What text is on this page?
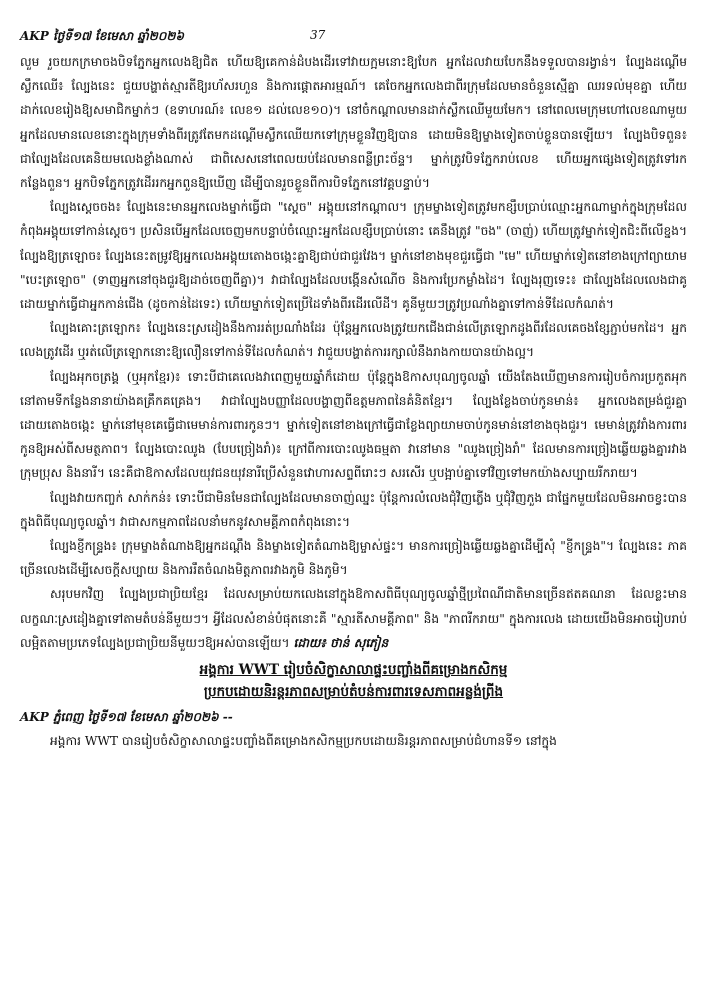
AKP ថ្ងៃទី១៧ ខែមេសា ឆ្នាំ២០២៦	37

លួម រួចយកក្រមាចងបិទភ្នែកអ្នកលេងឱ្យជិត ហើយឱ្យគេកាន់ដំបងដើរទៅវាយក្អមនោះឱ្យបែក អ្នកដែលវាយបែកនឹងទទួលបានរង្វាន់។ ល្បែងដណ្ដើមស្លឹកឈើ៖ ល្បែងនេះ ជួយបង្ហាត់ស្មារតីឱ្យរហ័សរហួន និងការផ្ដោតអារម្មណ៍។ គេចែកអ្នកលេងជាពីរក្រុមដែលមានចំនួនស្មើគ្នា ឈរទល់មុខគ្នា ហើយដាក់លេខរៀងឱ្យសមាជិកម្នាក់ៗ (ឧទាហរណ៍៖ លេខ១ ដល់លេខ១០)។ នៅចំកណ្ដាលមានដាក់ស្លឹកឈើមួយមែក។ នៅពេលមេក្រុមហៅលេខណាមួយ អ្នកដែលមានលេខនោះក្នុងក្រុមទាំងពីរត្រូវតែមកដណ្ដើមស្លឹកឈើយកទៅក្រុមខ្លួនវិញឱ្យបាន ដោយមិនឱ្យម្ខាងទៀតចាប់ខ្លួនបានឡើយ។ ល្បែងបិទពួន៖ ជាល្បែងដែលគេនិយមលេងខ្លាំងណាស់ ជាពិសេសនៅពេលយប់ដែលមានពន្លឺព្រះច័ន្ទ។ ម្នាក់ត្រូវបិទភ្នែករាប់លេខ ហើយអ្នកផ្សេងទៀតត្រូវទៅរកកន្លែងពួន។ អ្នកបិទភ្នែកត្រូវដើររកអ្នកពួនឱ្យឃើញ ដើម្បីបានរួចខ្លួនពីការបិទភ្នែកនៅវគ្គបន្ទាប់។

ល្បែងស្ដេចចង៖ ល្បែងនេះមានអ្នកលេងម្នាក់ធ្វើជា "ស្ដេច" អង្គុយនៅកណ្ដាល។ ក្រុមម្ខាងទៀតត្រូវមកខ្សឹបប្រាប់ឈ្មោះអ្នកណាម្នាក់ក្នុងក្រុមដែលកំពុងអង្គុយទៅកាន់ស្ដេច។ ប្រសិនបើអ្នកដែលចេញមកបន្ទាប់ចំឈ្មោះអ្នកដែលខ្សឹបប្រាប់នោះ គេនឹងត្រូវ "ចង" (ចាញ់) ហើយត្រូវម្នាក់ទៀតជិះពីលើខ្នង។ ល្បែងឱ្យត្រឡោច៖ ល្បែងនេះតម្រូវឱ្យអ្នកលេងអង្គុយតោងចង្កេះគ្នាឱ្យជាប់ជាជួរវែង។ ម្នាក់នៅខាងមុខជួរធ្វើជា "មេ" ហើយម្នាក់ទៀតនៅខាងក្រៅព្យាយាម "បេះត្រឡោច" (ទាញអ្នកនៅចុងជួរឱ្យដាច់ចេញពីគ្នា)។ វាជាល្បែងដែលបង្កើនសំណើច និងការប្រែកម្លាំងដៃ។ ល្បែងរុញទេះ៖ ជាល្បែងដែលលេងជាគូ ដោយម្នាក់ធ្វើជាអ្នកកាន់ជើង (ដូចកាន់ដៃទេះ) ហើយម្នាក់ទៀតប្រើដៃទាំងពីរដើរលើដី។ គូនីមួយៗត្រូវប្រណាំងគ្នាទៅកាន់ទីដែលកំណត់។

ល្បែងគោះត្រឡោក៖ ល្បែងនេះស្រដៀងនឹងការរត់ប្រណាំងដែរ ប៉ុន្តែអ្នកលេងត្រូវយកជើងជាន់លើត្រឡោកដូងពីរដែលគេចងខ្សែភ្ជាប់មកដៃ។ អ្នកលេងត្រូវដើរ ឬរត់លើត្រឡោកនោះឱ្យលឿនទៅកាន់ទីដែលកំណត់។ វាជួយបង្ហាត់ការរក្សាលំនឹងរាងកាយបានយ៉ាងល្អ។

ល្បែងអុកចត្រង្គ (ឬអុកខ្មែរ)៖ ទោះបីជាគេលេងវាពេញមួយឆ្នាំក៏ដោយ ប៉ុន្តែក្នុងឱកាសបុណ្យចូលឆ្នាំ យើងតែងឃើញមានការរៀបចំការប្រកួតអុកនៅតាមទីកន្លែងនានាយ៉ាងគគ្រឹកគគ្រេង។ វាជាល្បែងបញ្ញាដែលបង្ហាញពីឧត្តមភាពនៃគំនិតខ្មែរ។ ល្បែងខ្លែងចាប់កូនមាន់៖ អ្នកលេងតម្រង់ជួរគ្នាដោយតោងចង្កេះ ម្នាក់នៅមុខគេធ្វើជាមេមាន់ការពារកូនៗ។ ម្នាក់ទៀតនៅខាងក្រៅធ្វើជាខ្លែងព្យាយាមចាប់កូនមាន់នៅខាងចុងជួរ។ មេមាន់ត្រូវរាំងការពារកូនឱ្យអស់ពីសមត្ថភាព។ ល្បែងបោះឈូង (បែបច្រៀងរាំ)៖ ក្រៅពីការបោះឈូងធម្មតា វានៅមាន "ឈូងច្រៀងរាំ" ដែលមានការច្រៀងឆ្លើយឆ្លងគ្នារវាងក្រុមប្រុស និងនារី។ នេះគឺជាឱកាសដែលយុវជនយុវនារីប្រើសំនួនវោហារសព្ទពីរោះៗ សរសើរ ឬបង្អាប់គ្នាទៅវិញទៅមកយ៉ាងសប្បាយរីករាយ។

ល្បែងវាយកញ្ចក់ សាក់កន់៖ ទោះបីជាមិនមែនជាល្បែងដែលមានចាញ់ឈ្នះ ប៉ុន្តែការលំលេងជុំវិញភ្លើង ឬជុំវិញភួង ជាផ្នែកមួយដែលមិនអាចខ្វះបានក្នុងពិធីបុណ្យចូលឆ្នាំ។ វាជាសកម្មភាពដែលនាំមកនូវសាមគ្គីភាពកំពុងនោះ។

ល្បែងខ្ញីកន្ទ្រង៖ ក្រុមម្ខាងតំណាងឱ្យអ្នកដណ្ដឹង និងម្ខាងទៀតតំណាងឱ្យម្ចាស់ផ្ទះ។ មានការច្រៀងឆ្លើយឆ្លងគ្នាដើម្បីសុំ "ខ្ញីកន្ទ្រង"។ ល្បែងនេះ ភាគច្រើនលេងដើម្បីសេចក្ដីសប្បាយ និងការរឹតចំណងមិត្តភាពរវាងភូមិ និងភូមិ។

សរុបមកវិញ ល្បែងប្រជាប្រិយខ្មែរ ដែលសម្រាប់យកលេងនៅក្នុងឱកាសពិធីបុណ្យចូលឆ្នាំថ្មីប្រពៃណីជាតិមានច្រើនឥតគណនា ដែលខ្លះមានលក្ខណៈស្រដៀងគ្នាទៅតាមតំបន់នីមួយៗ។ អ្វីដែលសំខាន់បំផុតនោះគឺ "ស្មារតីសាមគ្គីភាព" និង "ភាពរីករាយ" ក្នុងការលេង ដោយយើងមិនអាចរៀបរាប់លម្អិតតាមប្រភេទល្បែងប្រជាប្រិយនីមួយៗឱ្យអស់បានឡើយ។ ដោយ៖ ថាន់ សុភៀន

អង្គការ WWT រៀបចំសិក្ខាសាលាផ្ទះបញ្ចាំងពីគម្រោងកសិកម្ម
ប្រកបដោយនិរន្តរភាពសម្រាប់តំបន់ការពារទេសភាពអន្លង់ព្រីង
AKP ភ្នំពេញ ថ្ងៃទី១៧ ខែមេសា ឆ្នាំ២០២៦ --
អង្គការ WWT បានរៀបចំសិក្ខាសាលាផ្ទះបញ្ចាំងពីគម្រោងកសិកម្មប្រកបដោយនិរន្តរភាពសម្រាប់ជំហានទី១ នៅក្នុង
